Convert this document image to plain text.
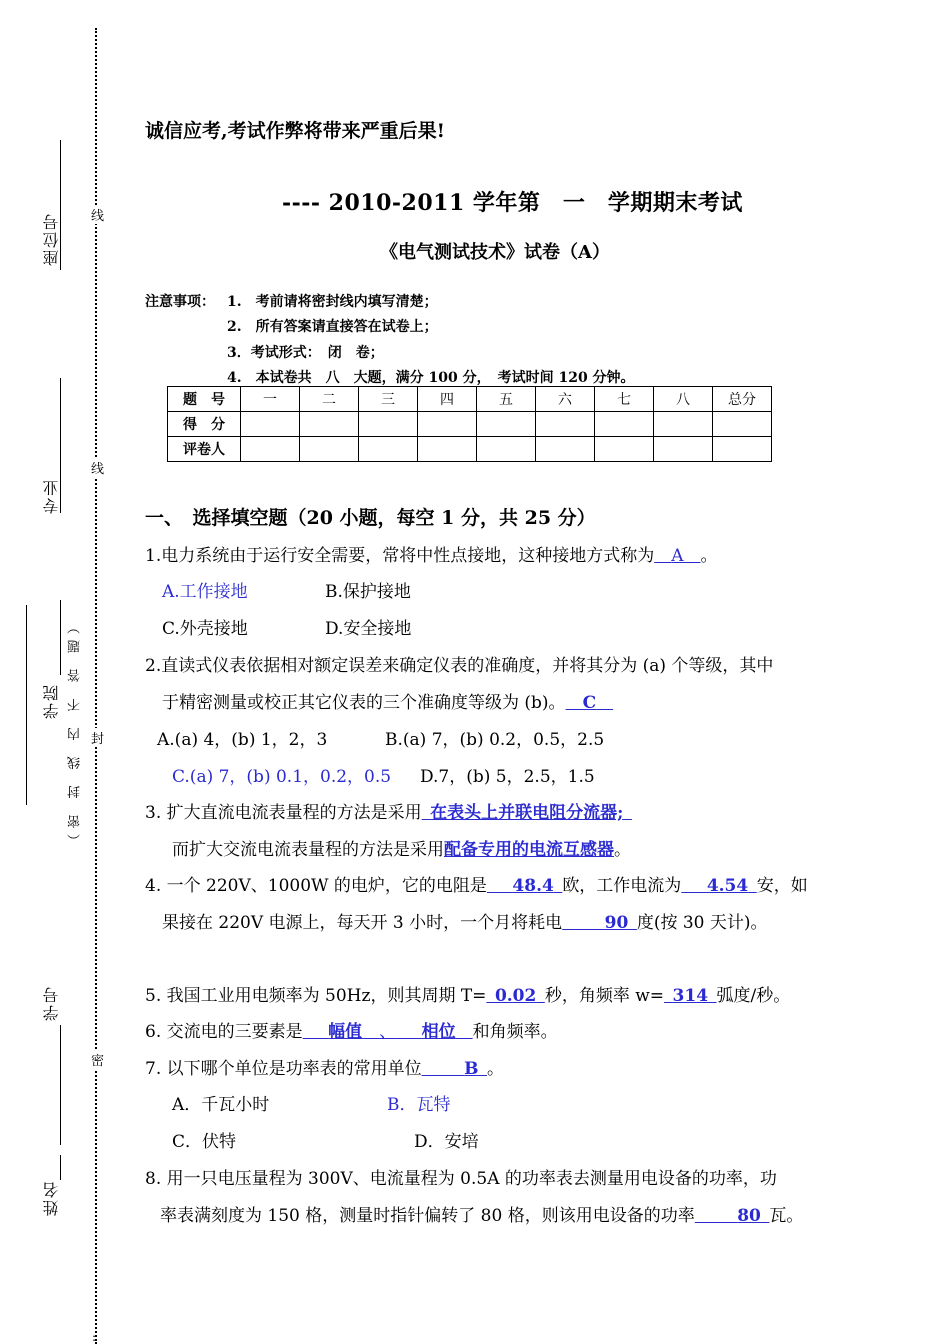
:
座位号 线
专业
线
学院 （密 封 线 内 不 答 题） 封
学号
密
姓名
诚信应考,考试作弊将带来严重后果!
---- 2010-2011 学年第　一　学期期末考试
《电气测试技术》试卷（A）
注意事项： 1.　考前请将密封线内填写清楚；
2.　所有答案请直接答在试卷上；
3．考试形式：　闭　卷；
4.　本试卷共　八　大题，满分 100 分，　考试时间 120 分钟。
题　号	一	二	三	四	五	六	七	八	总分
得　分									
评卷人									
一、　选择填空题（20 小题，每空 1 分，共 25 分）
1.电力系统由于运行安全需要，常将中性点接地，这种接地方式称为  A  。
A.工作接地	B.保护接地
C.外壳接地	D.安全接地
2.直读式仪表依据相对额定误差来确定仪表的准确度，并将其分为 (a) 个等级，其中
于精密测量或校正其它仪表的三个准确度等级为 (b)。  C 
A.(a) 4，(b) 1，2，3	B.(a) 7，(b) 0.2，0.5，2.5
C.(a) 7，(b) 0.1，0.2，0.5 D.7，(b) 5，2.5，1.5
3. 扩大直流电流表量程的方法是采用  在表头上并联电阻分流器; 
而扩大交流电流表量程的方法是采用配备专用的电流互感器。
4. 一个 220V、1000W 的电炉，它的电阻是   48.4  欧，工作电流为   4.54  安，如
果接在 220V 电源上，每天开 3 小时，一个月将耗电   	90  度(按 30 天计)。
5. 我国工业用电频率为 50Hz，则其周期 T=  0.02  秒，角频率 w=  314  弧度/秒。
6. 交流电的三要素是   幅值  、   相位  和角频率。
7. 以下哪个单位是功率表的常用单位   	B  。
A．千瓦小时	B．瓦特
C．伏特	D．安培
8. 用一只电压量程为 300V、电流量程为 0.5A 的功率表去测量用电设备的功率，功
率表满刻度为 150 格，测量时指针偏转了 80 格，则该用电设备的功率   	80  瓦。
